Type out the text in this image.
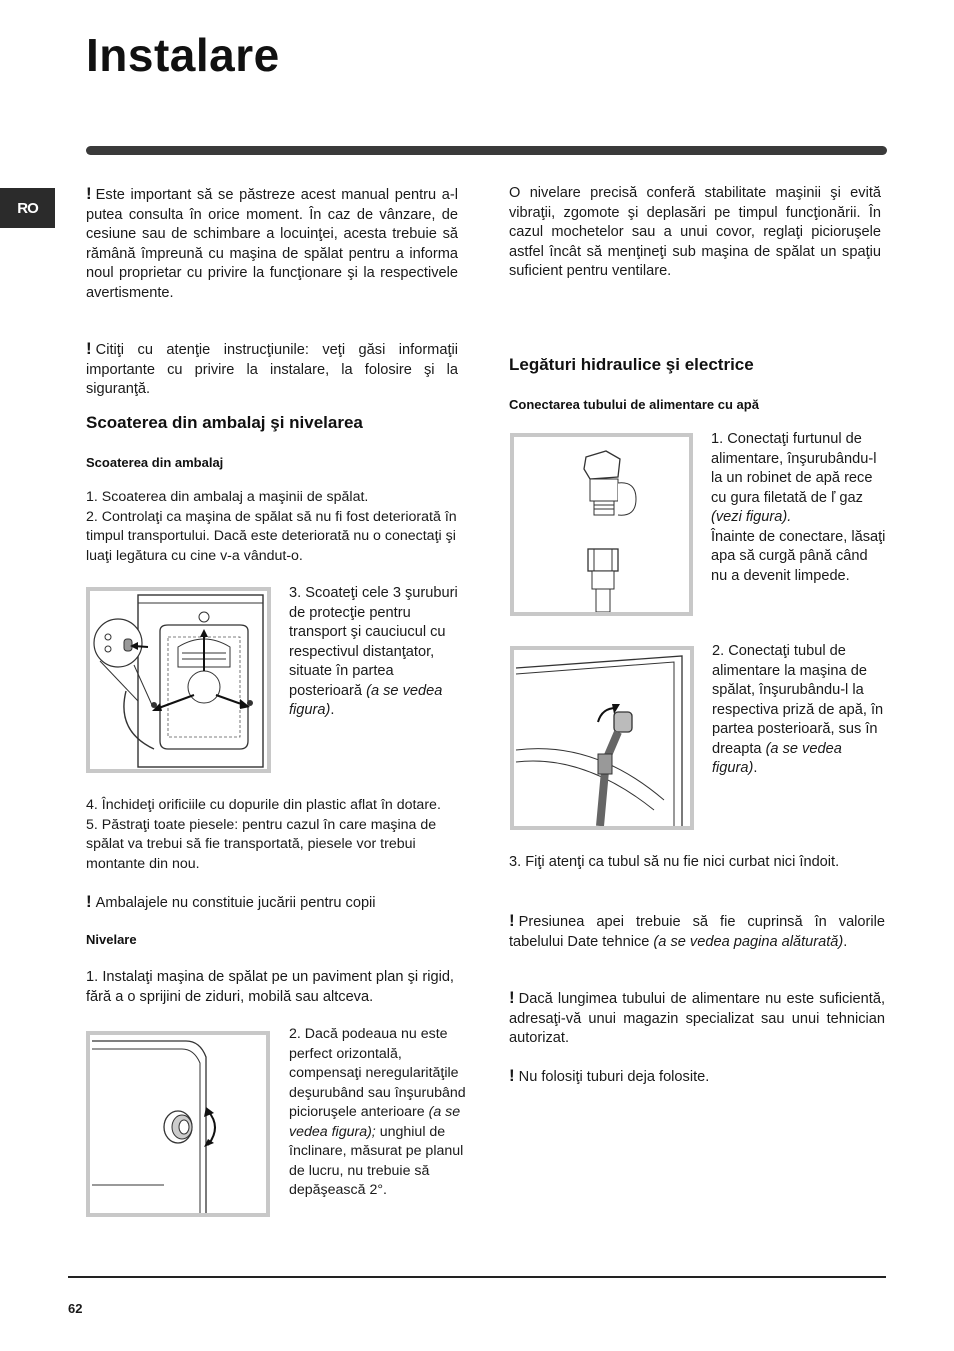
Instalare
RO

! Este important să se păstreze acest manual pentru a-l putea consulta în orice moment. În caz de vânzare, de cesiune sau de schimbare a locuinţei, acesta trebuie să rămână împreună cu maşina de spălat pentru a informa noul proprietar cu privire la funcţionare şi la respectivele avertismente.

! Citiţi cu atenţie instrucţiunile: veţi găsi informaţii importante cu privire la instalare, la folosire şi la siguranţă.

Scoaterea din ambalaj şi nivelarea
Scoaterea din ambalaj

1. Scoaterea din ambalaj a maşinii de spălat.
2. Controlaţi ca maşina de spălat să nu fi fost deteriorată în timpul transportului. Dacă este deteriorată nu o conectaţi şi luaţi legătura cu cine v-a vândut-o.

3. Scoateţi cele 3 şuruburi de protecţie pentru transport şi cauciucul cu respectivul distanţator, situate în partea posterioară (a se vedea figura).

4. Închideţi orificiile cu dopurile din plastic aflat în dotare.
5. Păstraţi toate piesele: pentru cazul în care maşina de spălat va trebui să fie transportată, piesele vor trebui montante din nou.

! Ambalajele nu constituie jucării pentru copii

Nivelare

1. Instalaţi maşina de spălat pe un paviment plan şi rigid, fără a o sprijini de ziduri, mobilă sau altceva.

2. Dacă podeaua nu este perfect orizontală, compensaţi neregularităţile deşurubând sau înşurubând picioruşele anterioare (a se vedea figura); unghiul de înclinare, măsurat pe planul de lucru, nu trebuie să depăşească 2°.

O nivelare precisă conferă stabilitate maşinii şi evită vibraţii, zgomote şi deplasări pe timpul funcţionării. În cazul mochetelor sau a unui covor, reglaţi picioruşele astfel încât să menţineţi sub maşina de spălat un spaţiu suficient pentru ventilare.

Legături hidraulice şi electrice
Conectarea tubului de alimentare cu apă

1. Conectaţi furtunul de alimentare, înşurubându-l la un robinet de apă rece cu gura filetată de ľ gaz (vezi figura).
Înainte de conectare, lăsaţi apa să curgă până când nu a devenit limpede.

2. Conectaţi tubul de alimentare la maşina de spălat, înşurubându-l la respectiva priză de apă, în partea posterioară, sus în dreapta (a se vedea figura).

3. Fiţi atenţi ca tubul să nu fie nici curbat nici îndoit.

! Presiunea apei trebuie să fie cuprinsă în valorile tabelului Date tehnice (a se vedea pagina alăturată).

! Dacă lungimea tubului de alimentare nu este suficientă, adresaţi-vă unui magazin specializat sau unui tehnician autorizat.

! Nu folosiţi tuburi deja folosite.

62
